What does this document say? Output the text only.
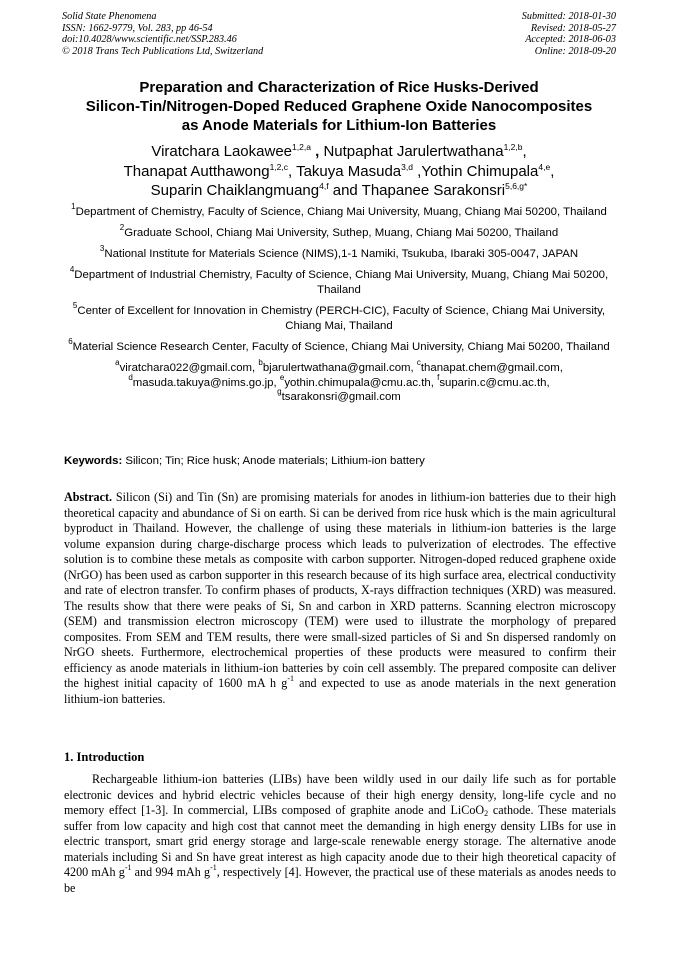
Solid State Phenomena
ISSN: 1662-9779, Vol. 283, pp 46-54
doi:10.4028/www.scientific.net/SSP.283.46
© 2018 Trans Tech Publications Ltd, Switzerland
Submitted: 2018-01-30
Revised: 2018-05-27
Accepted: 2018-06-03
Online: 2018-09-20
Preparation and Characterization of Rice Husks-Derived
Silicon-Tin/Nitrogen-Doped Reduced Graphene Oxide Nanocomposites
as Anode Materials for Lithium-Ion Batteries
Viratchara Laokawee$^{1,2,a}$ , Nutpaphat Jarulertwathana$^{1,2,b}$,
Thanapat Autthawong$^{1,2,c}$, Takuya Masuda$^{3,d}$ ,Yothin Chimupala$^{4,e}$,
Suparin Chaiklangmuang$^{4,f}$ and Thapanee Sarakonsri$^{5,6,g*}$
$^1$Department of Chemistry, Faculty of Science, Chiang Mai University, Muang, Chiang Mai 50200, Thailand
$^2$Graduate School, Chiang Mai University, Suthep, Muang, Chiang Mai 50200, Thailand
$^3$National Institute for Materials Science (NIMS),1-1 Namiki, Tsukuba, Ibaraki 305-0047, JAPAN
$^4$Department of Industrial Chemistry, Faculty of Science, Chiang Mai University, Muang, Chiang Mai 50200, Thailand
$^5$Center of Excellent for Innovation in Chemistry (PERCH-CIC), Faculty of Science, Chiang Mai University, Chiang Mai, Thailand
$^6$Material Science Research Center, Faculty of Science, Chiang Mai University, Chiang Mai 50200, Thailand
$^a$viratchara022@gmail.com, $^b$bjarulertwathana@gmail.com, $^c$thanapat.chem@gmail.com,
$^d$masuda.takuya@nims.go.jp, $^e$yothin.chimupala@cmu.ac.th, $^f$suparin.c@cmu.ac.th,
$^g$tsarakonsri@gmail.com
Keywords: Silicon; Tin; Rice husk; Anode materials; Lithium-ion battery
Abstract. Silicon (Si) and Tin (Sn) are promising materials for anodes in lithium-ion batteries due to their high theoretical capacity and abundance of Si on earth. Si can be derived from rice husk which is the main agricultural byproduct in Thailand. However, the challenge of using these materials in lithium-ion batteries is the large volume expansion during charge-discharge process which leads to pulverization of electrodes. The effective solution is to combine these metals as composite with carbon supporter. Nitrogen-doped reduced graphene oxide (NrGO) has been used as carbon supporter in this research because of its high surface area, electrical conductivity and rate of electron transfer. To confirm phases of products, X-rays diffraction techniques (XRD) was measured. The results show that there were peaks of Si, Sn and carbon in XRD patterns. Scanning electron microscopy (SEM) and transmission electron microscopy (TEM) were used to illustrate the morphology of prepared composites. From SEM and TEM results, there were small-sized particles of Si and Sn dispersed randomly on NrGO sheets. Furthermore, electrochemical properties of these products were measured to confirm their efficiency as anode materials in lithium-ion batteries by coin cell assembly. The prepared composite can deliver the highest initial capacity of 1600 mA h $g^{-1}$ and expected to use as anode materials in the next generation lithium-ion batteries.
1. Introduction
Rechargeable lithium-ion batteries (LIBs) have been wildly used in our daily life such as for portable electronic devices and hybrid electric vehicles because of their high energy density, long-life cycle and no memory effect [1-3]. In commercial, LIBs composed of graphite anode and LiCoO$_2$ cathode. These materials suffer from low capacity and high cost that cannot meet the demanding in high energy density LIBs for use in electric transport, smart grid energy storage and large-scale renewable energy storage. The alternative anode materials including Si and Sn have great interest as high capacity anode due to their high theoretical capacity of 4200 mAh $g^{-1}$ and 994 mAh $g^{-1}$, respectively [4]. However, the practical use of these materials as anodes needs to be
